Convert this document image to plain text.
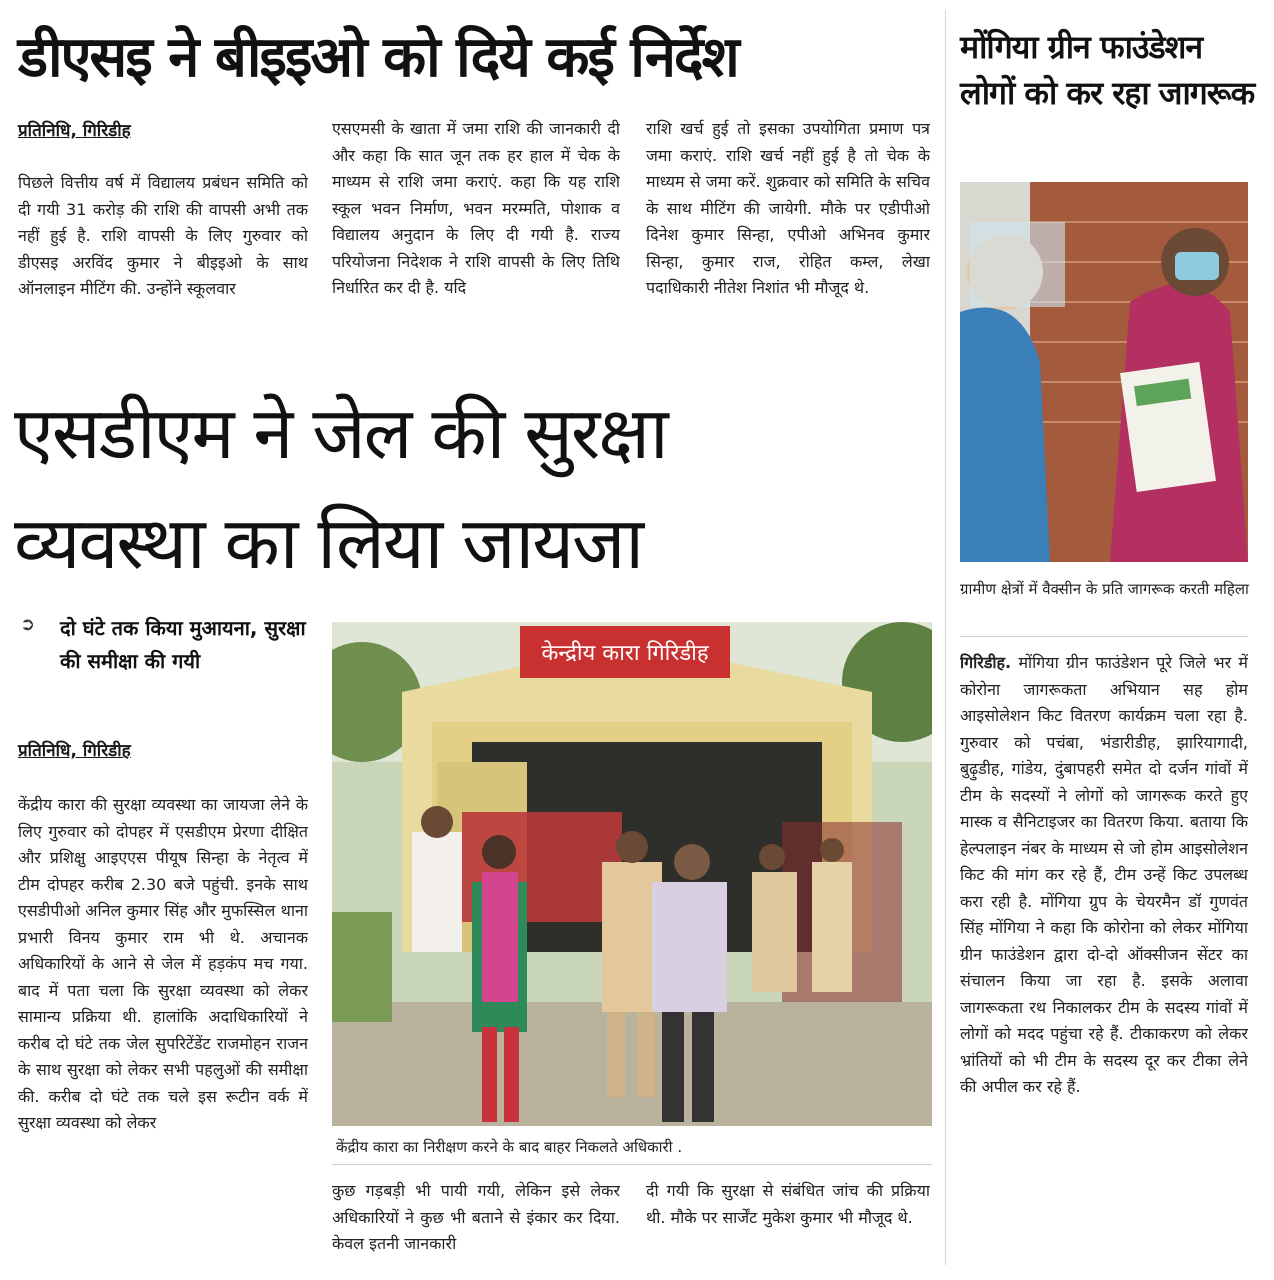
डीएसइ ने बीइइओ को दिये कई निर्देश
प्रतिनिधि, गिरिडीह

पिछले वित्तीय वर्ष में विद्यालय प्रबंधन समिति को दी गयी 31 करोड़ की राशि की वापसी अभी तक नहीं हुई है. राशि वापसी के लिए गुरुवार को डीएसइ अरविंद कुमार ने बीइइओ के साथ ऑनलाइन मीटिंग की. उन्होंने स्कूलवार

एसएमसी के खाता में जमा राशि की जानकारी दी और कहा कि सात जून तक हर हाल में चेक के माध्यम से राशि जमा कराएं. कहा कि यह राशि स्कूल भवन निर्माण, भवन मरम्मति, पोशाक व विद्यालय अनुदान के लिए दी गयी है. राज्य परियोजना निदेशक ने राशि वापसी के लिए तिथि निर्धारित कर दी है. यदि

राशि खर्च हुई तो इसका उपयोगिता प्रमाण पत्र जमा कराएं. राशि खर्च नहीं हुई है तो चेक के माध्यम से जमा करें. शुक्रवार को समिति के सचिव के साथ मीटिंग की जायेगी. मौके पर एडीपीओ दिनेश कुमार सिन्हा, एपीओ अभिनव कुमार सिन्हा, कुमार राज, रोहित कम्ल, लेखा पदाधिकारी नीतेश निशांत भी मौजूद थे.

एसडीएम ने जेल की सुरक्षा
व्यवस्था का लिया जायजा
➲ दो घंटे तक किया मुआयना, सुरक्षा की समीक्षा की गयी
प्रतिनिधि, गिरिडीह

केंद्रीय कारा की सुरक्षा व्यवस्था का जायजा लेने के लिए गुरुवार को दोपहर में एसडीएम प्रेरणा दीक्षित और प्रशिक्षु आइएएस पीयूष सिन्हा के नेतृत्व में टीम दोपहर करीब 2.30 बजे पहुंची. इनके साथ एसडीपीओ अनिल कुमार सिंह और मुफस्सिल थाना प्रभारी विनय कुमार राम भी थे. अचानक अधिकारियों के आने से जेल में हड़कंप मच गया. बाद में पता चला कि सुरक्षा व्यवस्था को लेकर सामान्य प्रक्रिया थी. हालांकि अदाधिकारियों ने करीब दो घंटे तक जेल सुपरिटेंडेंट राजमोहन राजन के साथ सुरक्षा को लेकर सभी पहलुओं की समीक्षा की. करीब दो घंटे तक चले इस रूटीन वर्क में सुरक्षा व्यवस्था को लेकर

केन्द्रीय कारा गिरिडीह
केंद्रीय कारा का निरीक्षण करने के बाद बाहर निकलते अधिकारी .

कुछ गड़बड़ी भी पायी गयी, लेकिन इसे लेकर अधिकारियों ने कुछ भी बताने से इंकार कर दिया. केवल इतनी जानकारी

दी गयी कि सुरक्षा से संबंधित जांच की प्रक्रिया थी. मौके पर सार्जेंट मुकेश कुमार भी मौजूद थे.

मोंगिया ग्रीन फाउंडेशन लोगों को कर रहा जागरूक
ग्रामीण क्षेत्रों में वैक्सीन के प्रति जागरूक करती महिला

गिरिडीह. मोंगिया ग्रीन फाउंडेशन पूरे जिले भर में कोरोना जागरूकता अभियान सह होम आइसोलेशन किट वितरण कार्यक्रम चला रहा है. गुरुवार को पचंबा, भंडारीडीह, झारियागादी, बुढ़ुडीह, गांडेय, दुंबापहरी समेत दो दर्जन गांवों में टीम के सदस्यों ने लोगों को जागरूक करते हुए मास्क व सैनिटाइजर का वितरण किया. बताया कि हेल्पलाइन नंबर के माध्यम से जो होम आइसोलेशन किट की मांग कर रहे हैं, टीम उन्हें किट उपलब्ध करा रही है. मोंगिया ग्रुप के चेयरमैन डॉ गुणवंत सिंह मोंगिया ने कहा कि कोरोना को लेकर मोंगिया ग्रीन फाउंडेशन द्वारा दो-दो ऑक्सीजन सेंटर का संचालन किया जा रहा है. इसके अलावा जागरूकता रथ निकालकर टीम के सदस्य गांवों में लोगों को मदद पहुंचा रहे हैं. टीकाकरण को लेकर भ्रांतियों को भी टीम के सदस्य दूर कर टीका लेने की अपील कर रहे हैं.
